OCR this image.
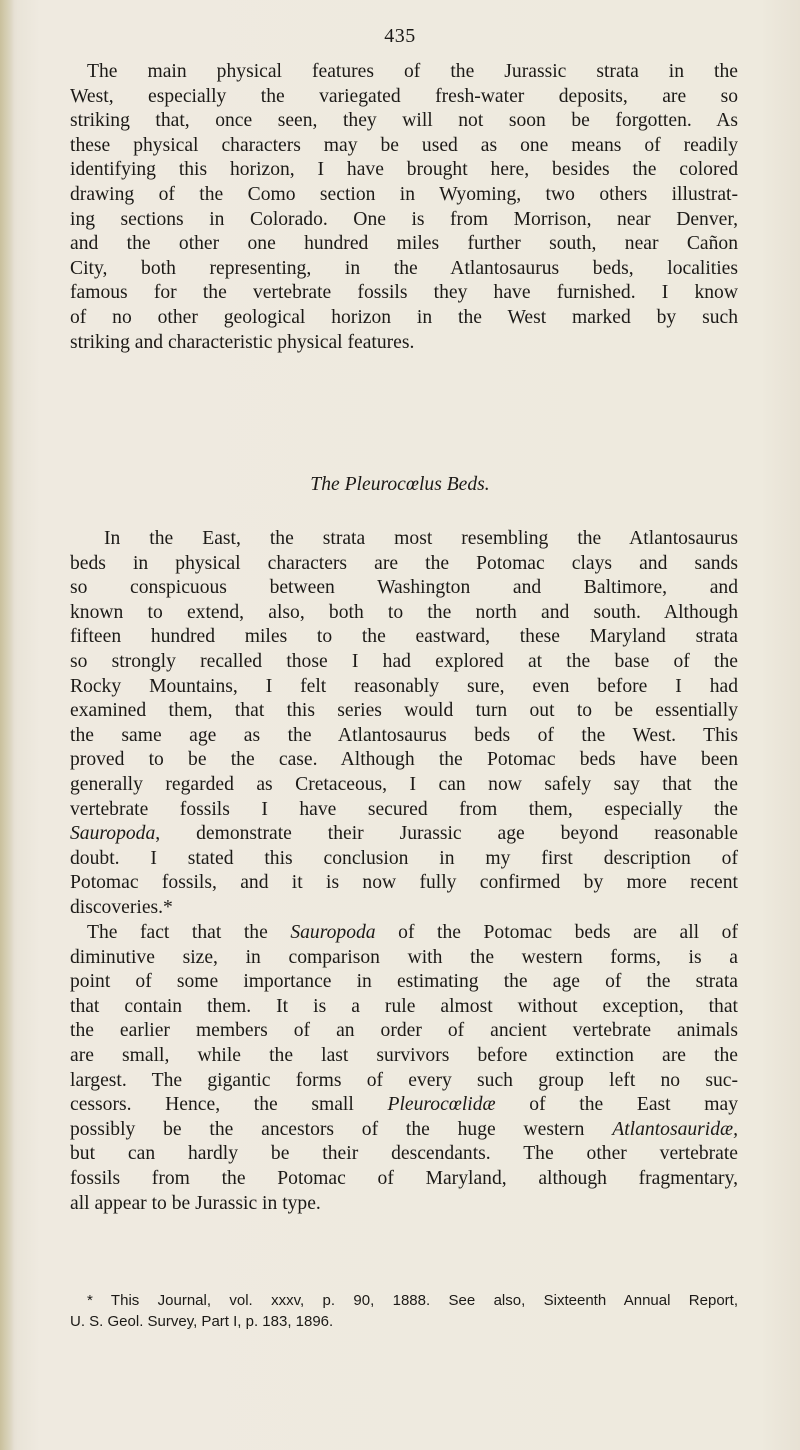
435
The main physical features of the Jurassic strata in the
West, especially the variegated fresh-water deposits, are so
striking that, once seen, they will not soon be forgotten. As
these physical characters may be used as one means of readily
identifying this horizon, I have brought here, besides the colored
drawing of the Como section in Wyoming, two others illustrat-
ing sections in Colorado. One is from Morrison, near Denver,
and the other one hundred miles further south, near Cañon
City, both representing, in the Atlantosaurus beds, localities
famous for the vertebrate fossils they have furnished. I know
of no other geological horizon in the West marked by such
striking and characteristic physical features.
The Pleurocœlus Beds.
In the East, the strata most resembling the Atlantosaurus
beds in physical characters are the Potomac clays and sands
so conspicuous between Washington and Baltimore, and
known to extend, also, both to the north and south. Although
fifteen hundred miles to the eastward, these Maryland strata
so strongly recalled those I had explored at the base of the
Rocky Mountains, I felt reasonably sure, even before I had
examined them, that this series would turn out to be essentially
the same age as the Atlantosaurus beds of the West. This
proved to be the case. Although the Potomac beds have been
generally regarded as Cretaceous, I can now safely say that the
vertebrate fossils I have secured from them, especially the
Sauropoda, demonstrate their Jurassic age beyond reasonable
doubt. I stated this conclusion in my first description of
Potomac fossils, and it is now fully confirmed by more recent
discoveries.*
The fact that the Sauropoda of the Potomac beds are all of
diminutive size, in comparison with the western forms, is a
point of some importance in estimating the age of the strata
that contain them. It is a rule almost without exception, that
the earlier members of an order of ancient vertebrate animals
are small, while the last survivors before extinction are the
largest. The gigantic forms of every such group left no suc-
cessors. Hence, the small Pleurocœlidæ of the East may
possibly be the ancestors of the huge western Atlantosauridæ,
but can hardly be their descendants. The other vertebrate
fossils from the Potomac of Maryland, although fragmentary,
all appear to be Jurassic in type.
* This Journal, vol. xxxv, p. 90, 1888. See also, Sixteenth Annual Report,
U. S. Geol. Survey, Part I, p. 183, 1896.
